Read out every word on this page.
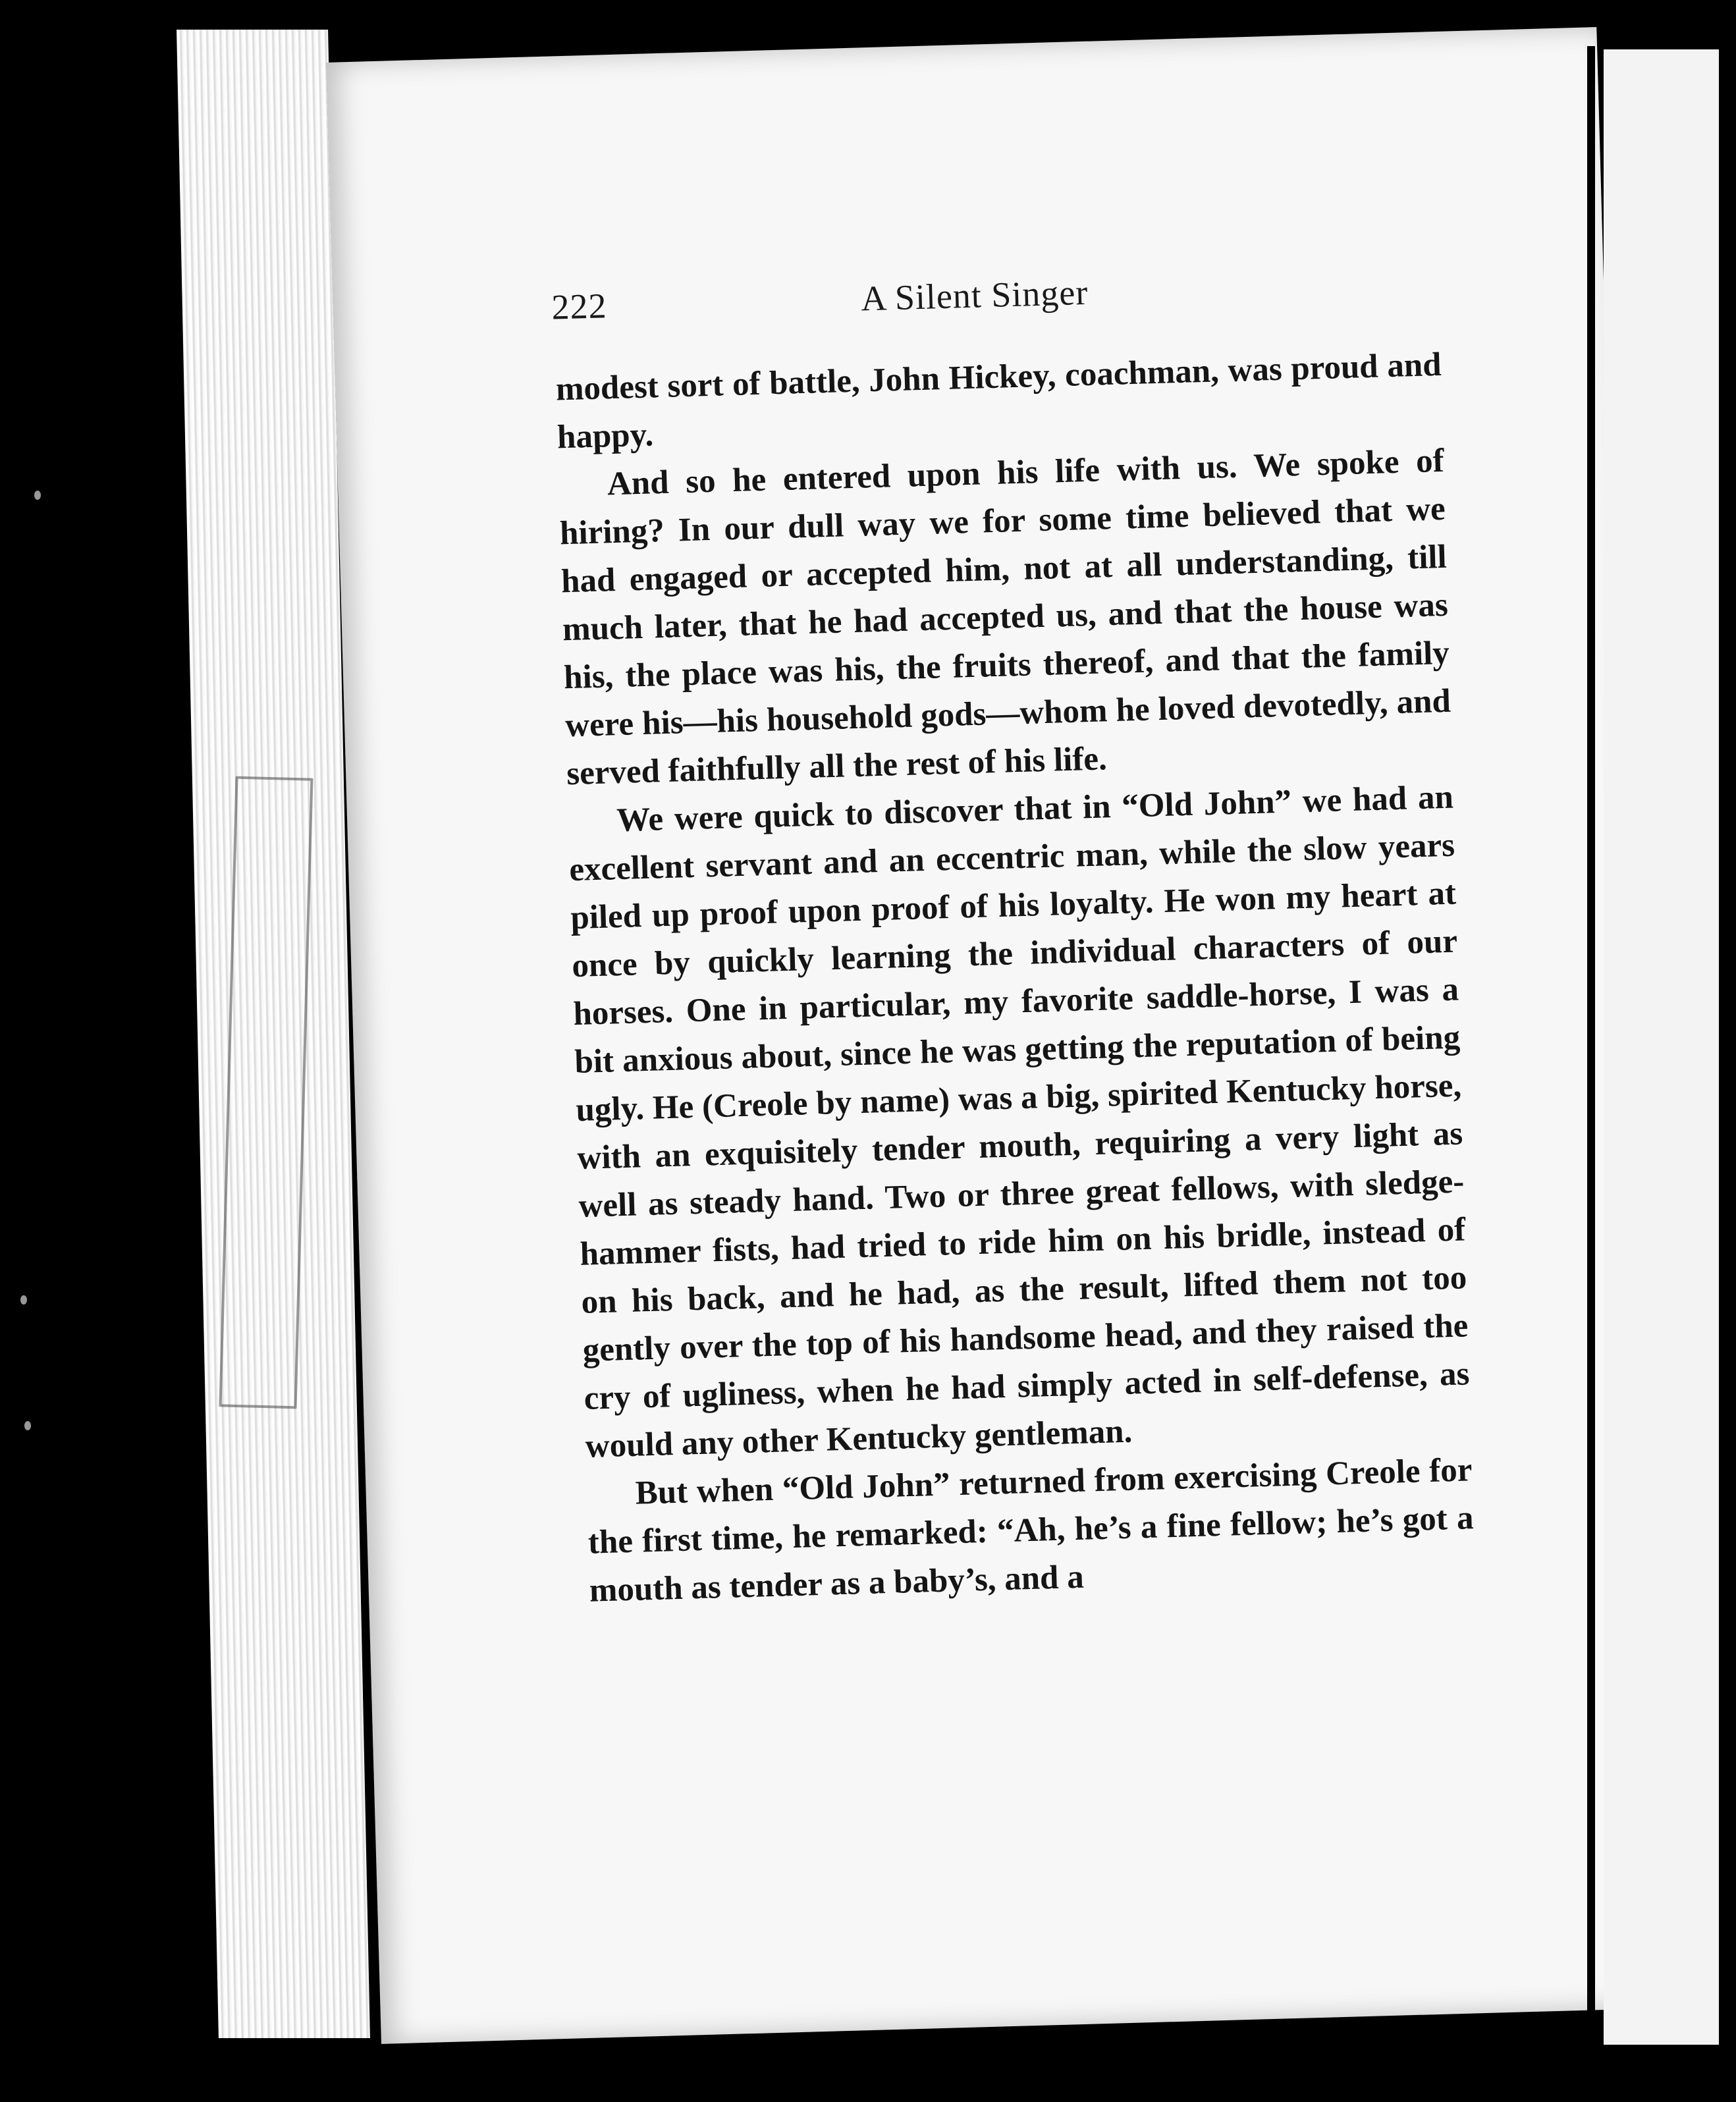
222	A Silent Singer

modest sort of battle, John Hickey, coachman, was proud and happy.

And so he entered upon his life with us. We spoke of hiring? In our dull way we for some time believed that we had engaged or accepted him, not at all understanding, till much later, that he had accepted us, and that the house was his, the place was his, the fruits thereof, and that the family were his—his household gods—whom he loved devotedly, and served faithfully all the rest of his life.

We were quick to discover that in “Old John” we had an excellent servant and an eccentric man, while the slow years piled up proof upon proof of his loyalty. He won my heart at once by quickly learning the individual characters of our horses. One in particular, my favorite saddle-horse, I was a bit anxious about, since he was getting the reputation of being ugly. He (Creole by name) was a big, spirited Kentucky horse, with an exquisitely tender mouth, requiring a very light as well as steady hand. Two or three great fellows, with sledge-hammer fists, had tried to ride him on his bridle, instead of on his back, and he had, as the result, lifted them not too gently over the top of his handsome head, and they raised the cry of ugliness, when he had simply acted in self-defense, as would any other Kentucky gentleman.

But when “Old John” returned from exercising Creole for the first time, he remarked: “Ah, he’s a fine fellow; he’s got a mouth as tender as a baby’s, and a
